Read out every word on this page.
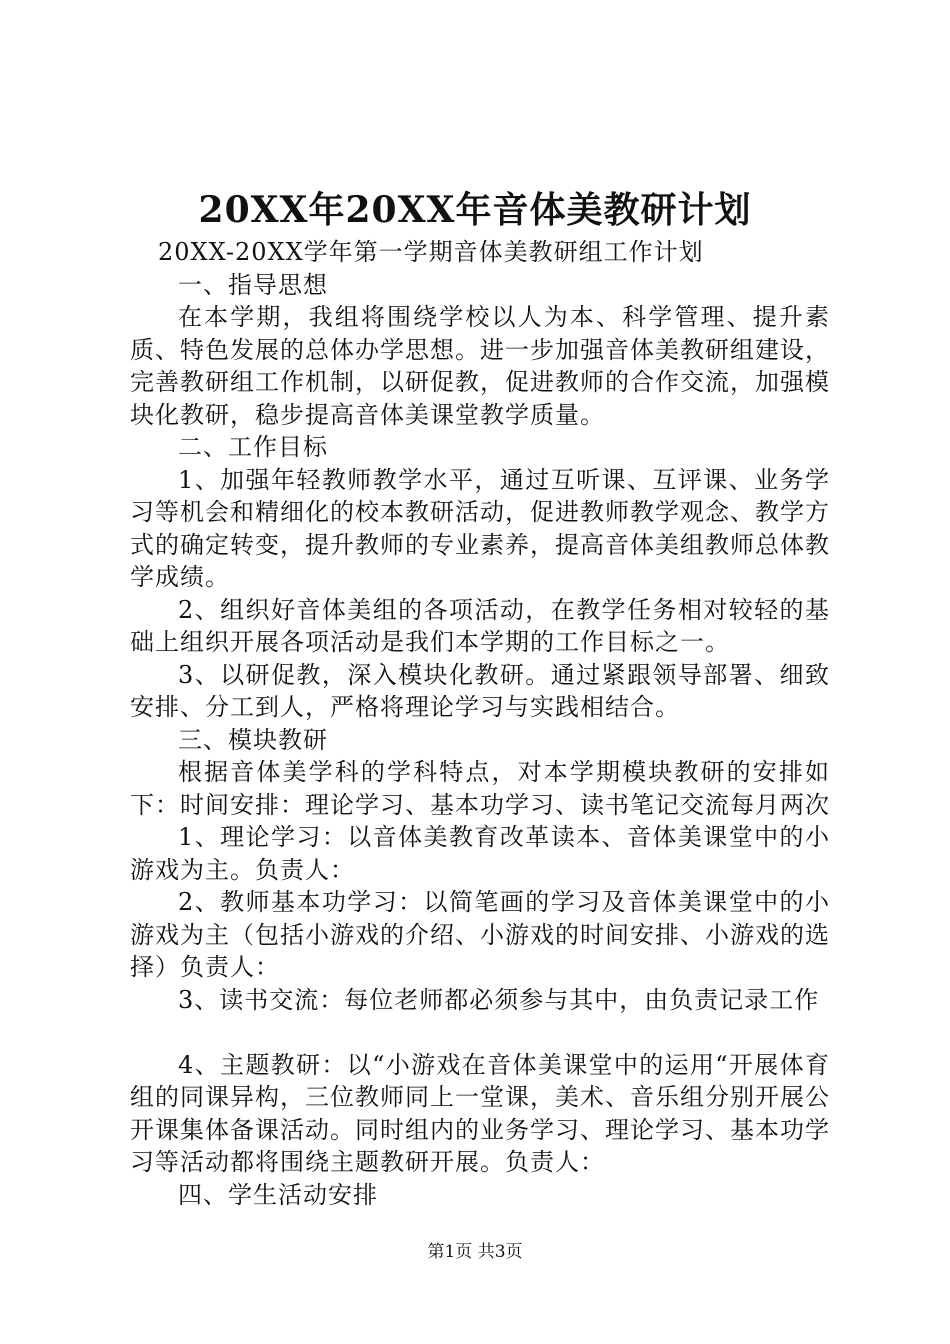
20XX年20XX年音体美教研计划

20XX-20XX学年第一学期音体美教研组工作计划

一、指导思想

在本学期，我组将围绕学校以人为本、科学管理、提升素质、特色发展的总体办学思想。进一步加强音体美教研组建设，完善教研组工作机制，以研促教，促进教师的合作交流，加强模块化教研，稳步提高音体美课堂教学质量。

二、工作目标

1、加强年轻教师教学水平，通过互听课、互评课、业务学习等机会和精细化的校本教研活动，促进教师教学观念、教学方式的确定转变，提升教师的专业素养，提高音体美组教师总体教学成绩。

2、组织好音体美组的各项活动，在教学任务相对较轻的基础上组织开展各项活动是我们本学期的工作目标之一。

3、以研促教，深入模块化教研。通过紧跟领导部署、细致安排、分工到人，严格将理论学习与实践相结合。

三、模块教研

根据音体美学科的学科特点，对本学期模块教研的安排如下：时间安排：理论学习、基本功学习、读书笔记交流每月两次

1、理论学习：以音体美教育改革读本、音体美课堂中的小游戏为主。负责人：

2、教师基本功学习：以简笔画的学习及音体美课堂中的小游戏为主（包括小游戏的介绍、小游戏的时间安排、小游戏的选择）负责人：

3、读书交流：每位老师都必须参与其中，由负责记录工作

4、主题教研：以“小游戏在音体美课堂中的运用“开展体育组的同课异构，三位教师同上一堂课，美术、音乐组分别开展公开课集体备课活动。同时组内的业务学习、理论学习、基本功学习等活动都将围绕主题教研开展。负责人：

四、学生活动安排

第1页 共3页
